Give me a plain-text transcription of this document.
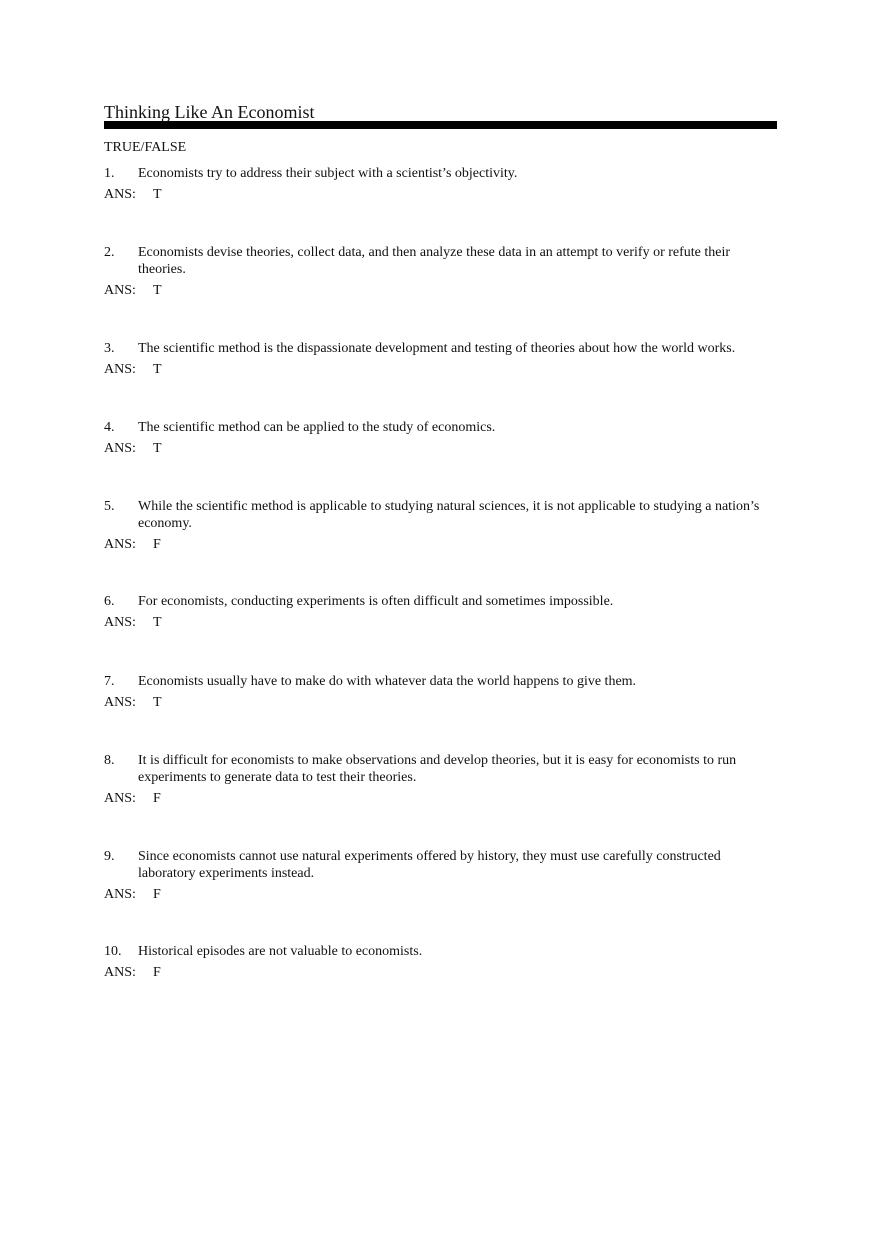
Thinking Like An Economist
TRUE/FALSE
1.	Economists try to address their subject with a scientist’s objectivity.
ANS:	T
2.	Economists devise theories, collect data, and then analyze these data in an attempt to verify or refute their theories.
ANS:	T
3.	The scientific method is the dispassionate development and testing of theories about how the world works.
ANS:	T
4.	The scientific method can be applied to the study of economics.
ANS:	T
5.	While the scientific method is applicable to studying natural sciences, it is not applicable to studying a nation’s economy.
ANS:	F
6.	For economists, conducting experiments is often difficult and sometimes impossible.
ANS:	T
7.	Economists usually have to make do with whatever data the world happens to give them.
ANS:	T
8.	It is difficult for economists to make observations and develop theories, but it is easy for economists to run experiments to generate data to test their theories.
ANS:	F
9.	Since economists cannot use natural experiments offered by history, they must use carefully constructed laboratory experiments instead.
ANS:	F
10.	Historical episodes are not valuable to economists.
ANS:	F
